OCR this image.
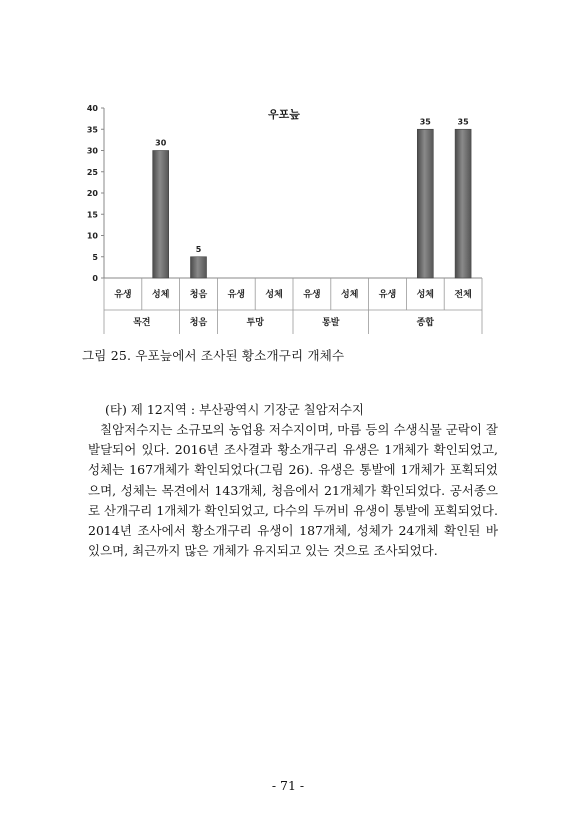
0
5
10
15
20
25
30
35
40
유생
30
성체
5
청음 유생 성체 유생 성체 유생
35
성체
35
전체
목견	청음	투망	통발	종합
우포늪
그림 25. 우포늪에서 조사된 황소개구리 개체수
(타) 제 12지역 : 부산광역시 기장군 칠암저수지

칠암저수지는 소규모의 농업용 저수지이며, 마름 등의 수생식물 군락이 잘 발달되어 있다. 2016년 조사결과 황소개구리 유생은 1개체가 확인되었고, 성체는 167개체가 확인되었다(그림 26). 유생은 통발에 1개체가 포획되었으며, 성체는 목견에서 143개체, 청음에서 21개체가 확인되었다. 공서종으로 산개구리 1개체가 확인되었고, 다수의 두꺼비 유생이 통발에 포획되었다. 2014년 조사에서 황소개구리 유생이 187개체, 성체가 24개체 확인된 바 있으며, 최근까지 많은 개체가 유지되고 있는 것으로 조사되었다.

- 71 -
